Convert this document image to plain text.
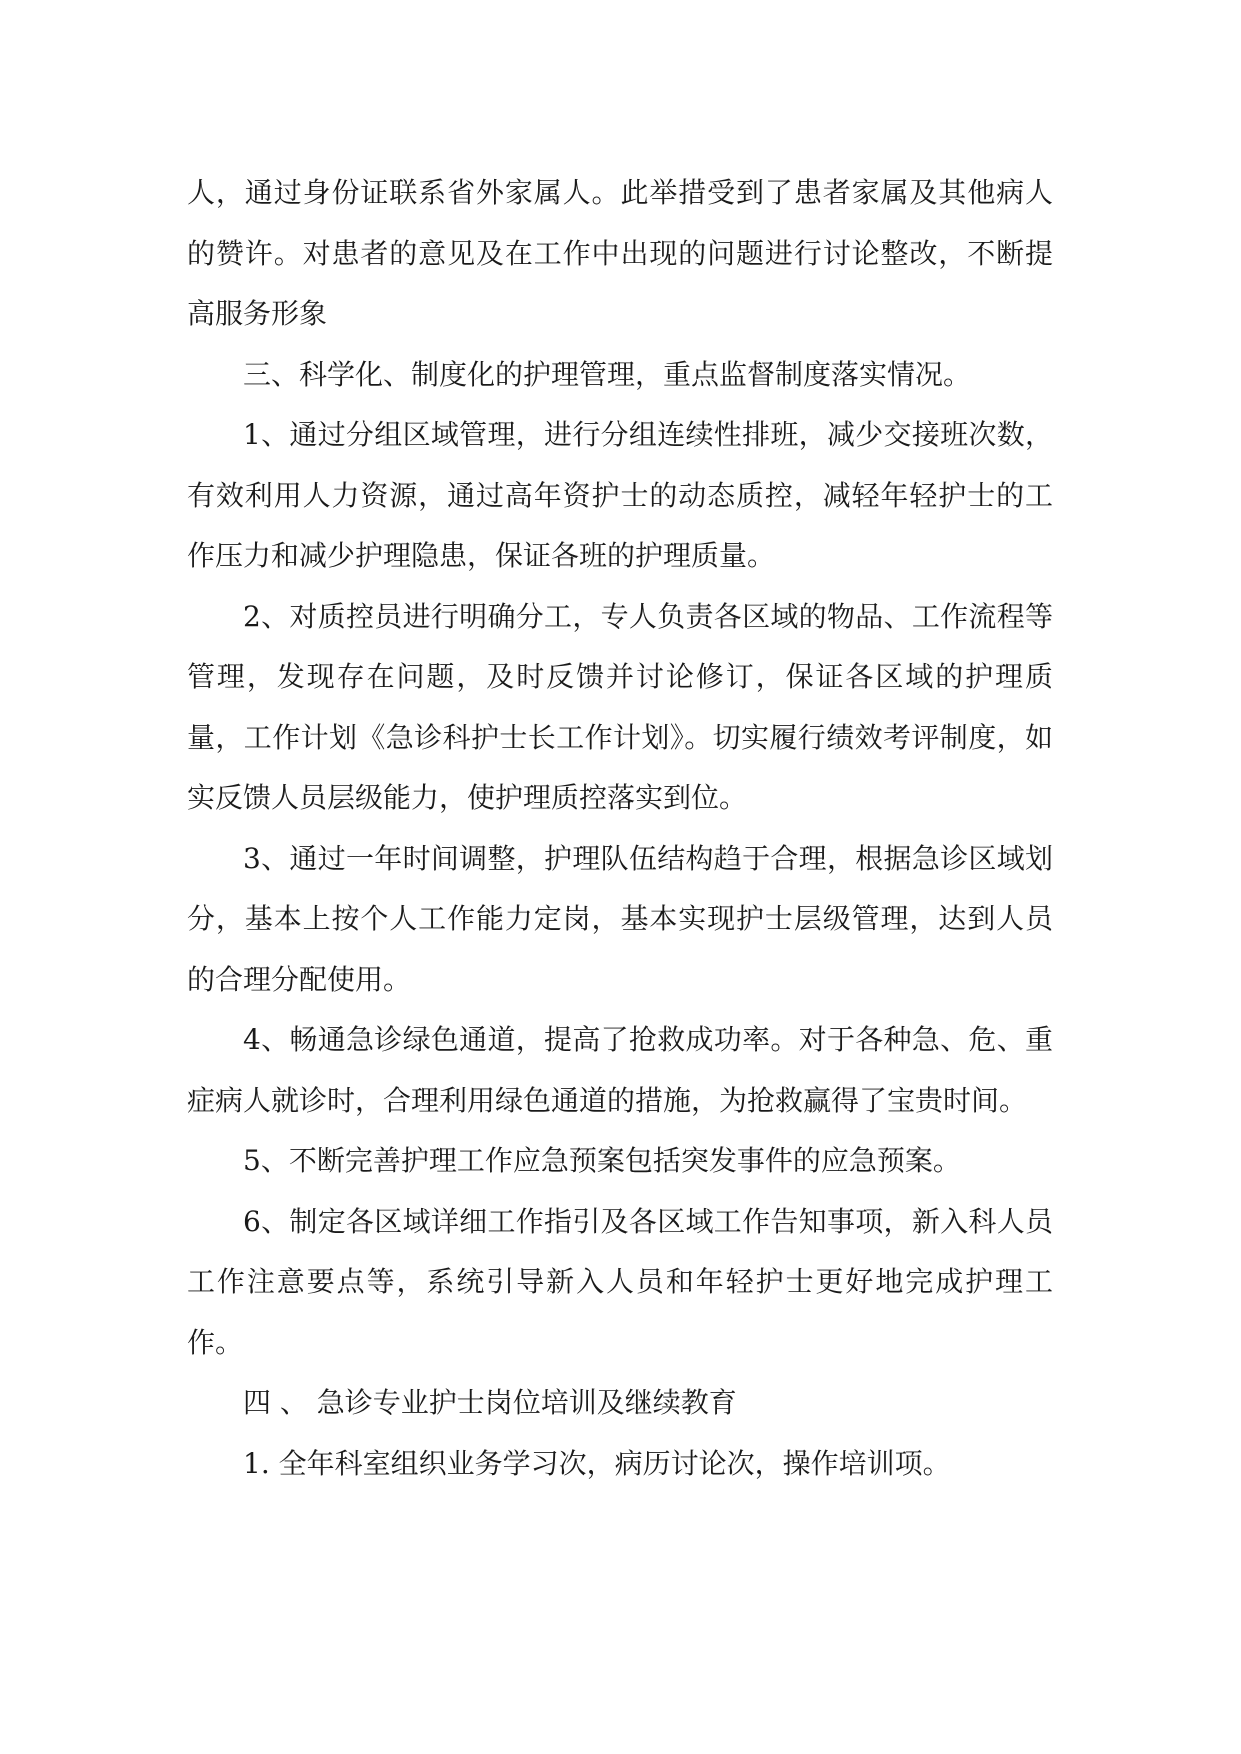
人，通过身份证联系省外家属人。此举措受到了患者家属及其他病人的赞许。对患者的意见及在工作中出现的问题进行讨论整改，不断提高服务形象

三、科学化、制度化的护理管理，重点监督制度落实情况。

1、通过分组区域管理，进行分组连续性排班，减少交接班次数，有效利用人力资源，通过高年资护士的动态质控，减轻年轻护士的工作压力和减少护理隐患，保证各班的护理质量。

2、对质控员进行明确分工，专人负责各区域的物品、工作流程等管理，发现存在问题，及时反馈并讨论修订，保证各区域的护理质量，工作计划《急诊科护士长工作计划》。切实履行绩效考评制度，如实反馈人员层级能力，使护理质控落实到位。

3、通过一年时间调整，护理队伍结构趋于合理，根据急诊区域划分，基本上按个人工作能力定岗，基本实现护士层级管理，达到人员的合理分配使用。

4、畅通急诊绿色通道，提高了抢救成功率。对于各种急、危、重症病人就诊时，合理利用绿色通道的措施，为抢救赢得了宝贵时间。

5、不断完善护理工作应急预案包括突发事件的应急预案。

6、制定各区域详细工作指引及各区域工作告知事项，新入科人员工作注意要点等，系统引导新入人员和年轻护士更好地完成护理工作。

四 、 急诊专业护士岗位培训及继续教育

1. 全年科室组织业务学习次，病历讨论次，操作培训项。
